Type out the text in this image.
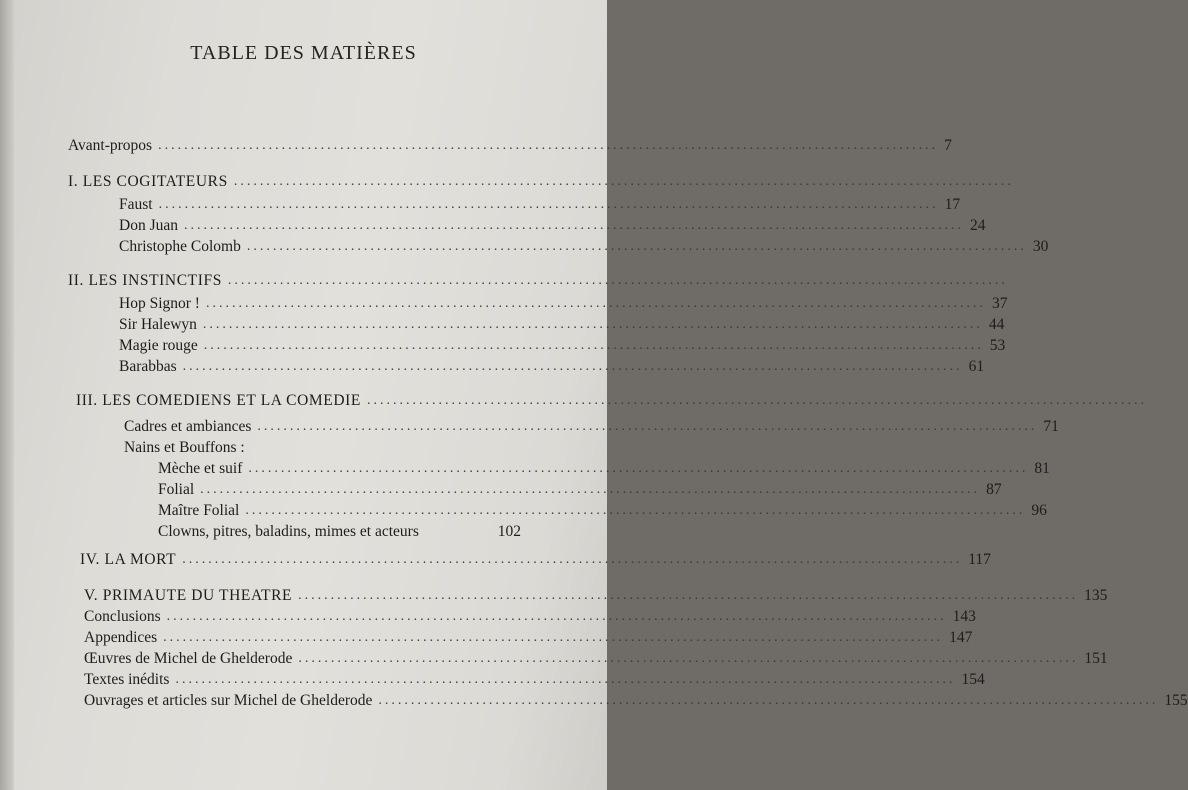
TABLE DES MATIÈRES
Avant-propos ........................................................................................................................ 7
I. LES COGITATEURS ........................................................................................................................
Faust ........................................................................................................................ 17
Don Juan ........................................................................................................................ 24
Christophe Colomb ........................................................................................................................ 30
II. LES INSTINCTIFS ........................................................................................................................
Hop Signor ! ........................................................................................................................ 37
Sir Halewyn ........................................................................................................................ 44
Magie rouge ........................................................................................................................ 53
Barabbas ........................................................................................................................ 61
III. LES COMEDIENS ET LA COMEDIE ........................................................................................................................
Cadres et ambiances ........................................................................................................................ 71
Nains et Bouffons :
Mèche et suif ........................................................................................................................ 81
Folial ........................................................................................................................ 87
Maître Folial ........................................................................................................................ 96
Clowns, pitres, baladins, mimes et acteurs	102
IV. LA MORT ........................................................................................................................ 117
V. PRIMAUTE DU THEATRE ........................................................................................................................ 135
Conclusions ........................................................................................................................ 143
Appendices ........................................................................................................................ 147
Œuvres de Michel de Ghelderode ........................................................................................................................ 151
Textes inédits ........................................................................................................................ 154
Ouvrages et articles sur Michel de Ghelderode ........................................................................................................................ 155
